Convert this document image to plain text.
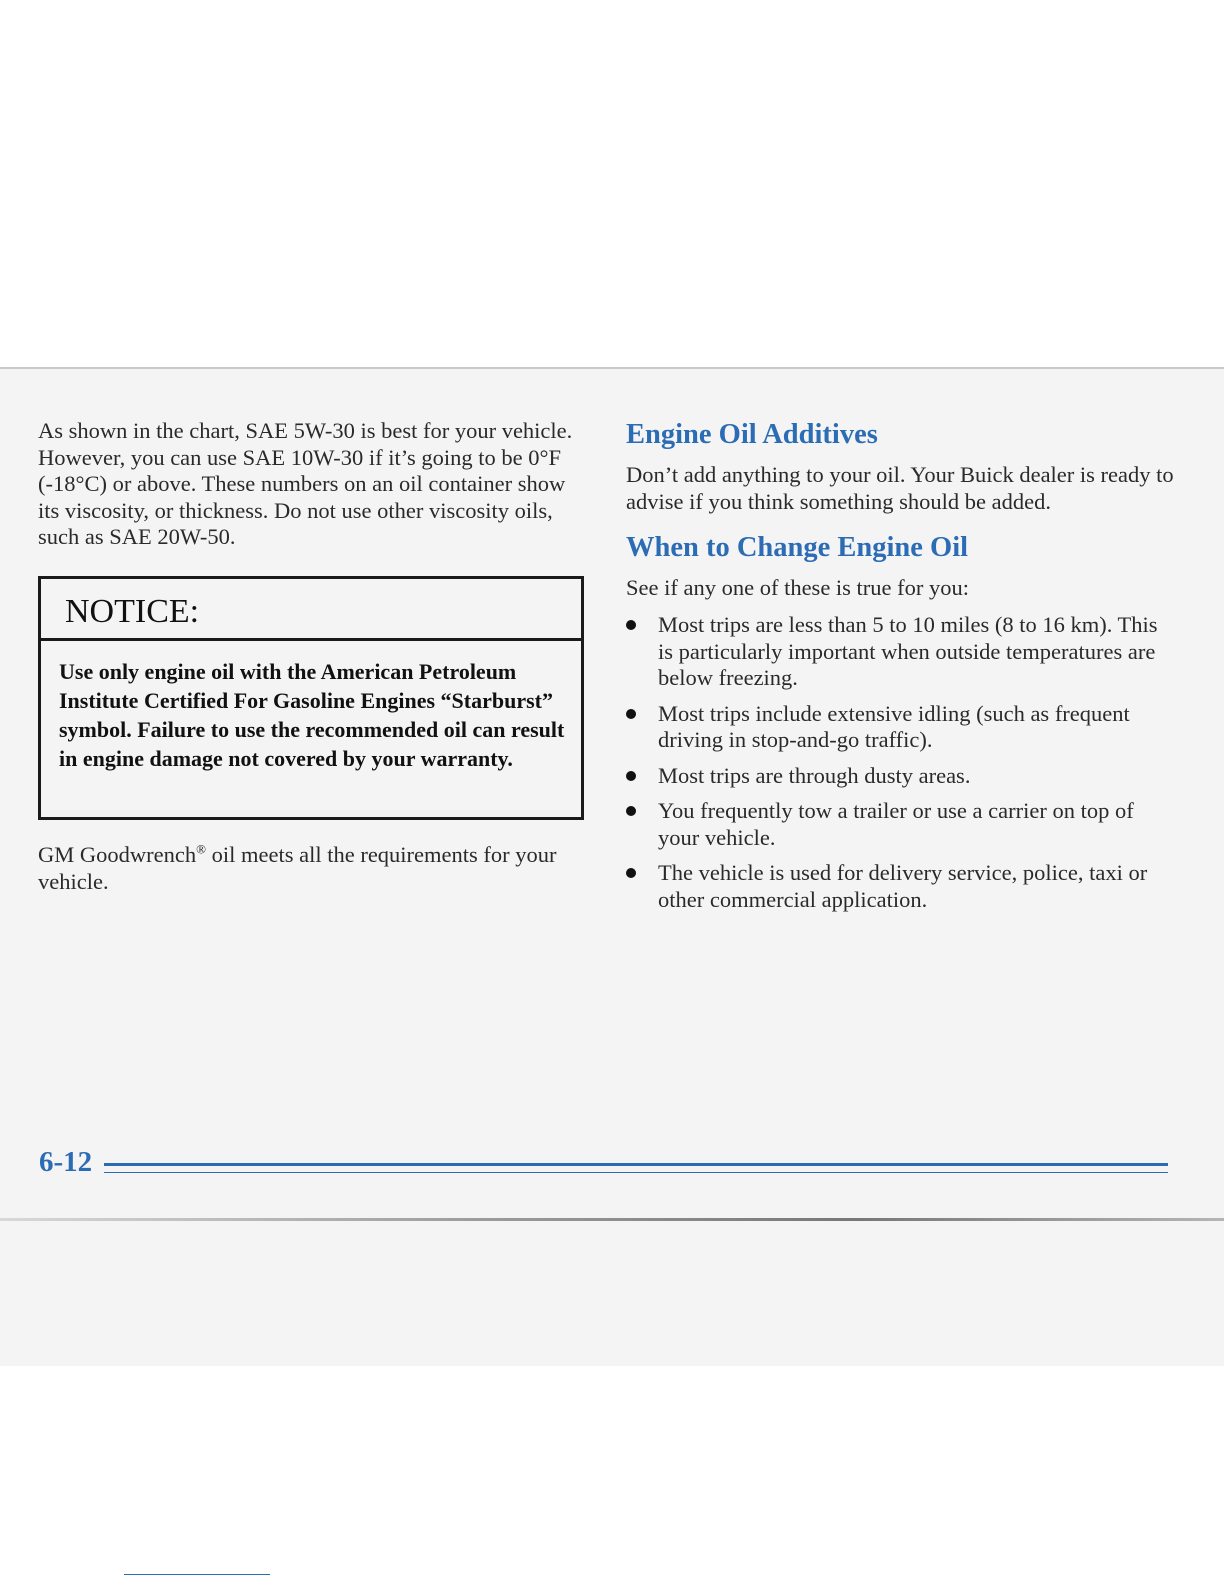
As shown in the chart, SAE 5W-30 is best for your vehicle. However, you can use SAE 10W-30 if it’s going to be 0°F (-18°C) or above. These numbers on an oil container show its viscosity, or thickness. Do not use other viscosity oils, such as SAE 20W-50.

NOTICE:
Use only engine oil with the American Petroleum Institute Certified For Gasoline Engines “Starburst” symbol. Failure to use the recommended oil can result in engine damage not covered by your warranty.
GM Goodwrench® oil meets all the requirements for your vehicle.
Engine Oil Additives

Don’t add anything to your oil. Your Buick dealer is ready to advise if you think something should be added.

When to Change Engine Oil

See if any one of these is true for you:

Most trips are less than 5 to 10 miles (8 to 16 km). This is particularly important when outside temperatures are below freezing.
Most trips include extensive idling (such as frequent driving in stop-and-go traffic).
Most trips are through dusty areas.
You frequently tow a trailer or use a carrier on top of your vehicle.
The vehicle is used for delivery service, police, taxi or other commercial application.
6-12
